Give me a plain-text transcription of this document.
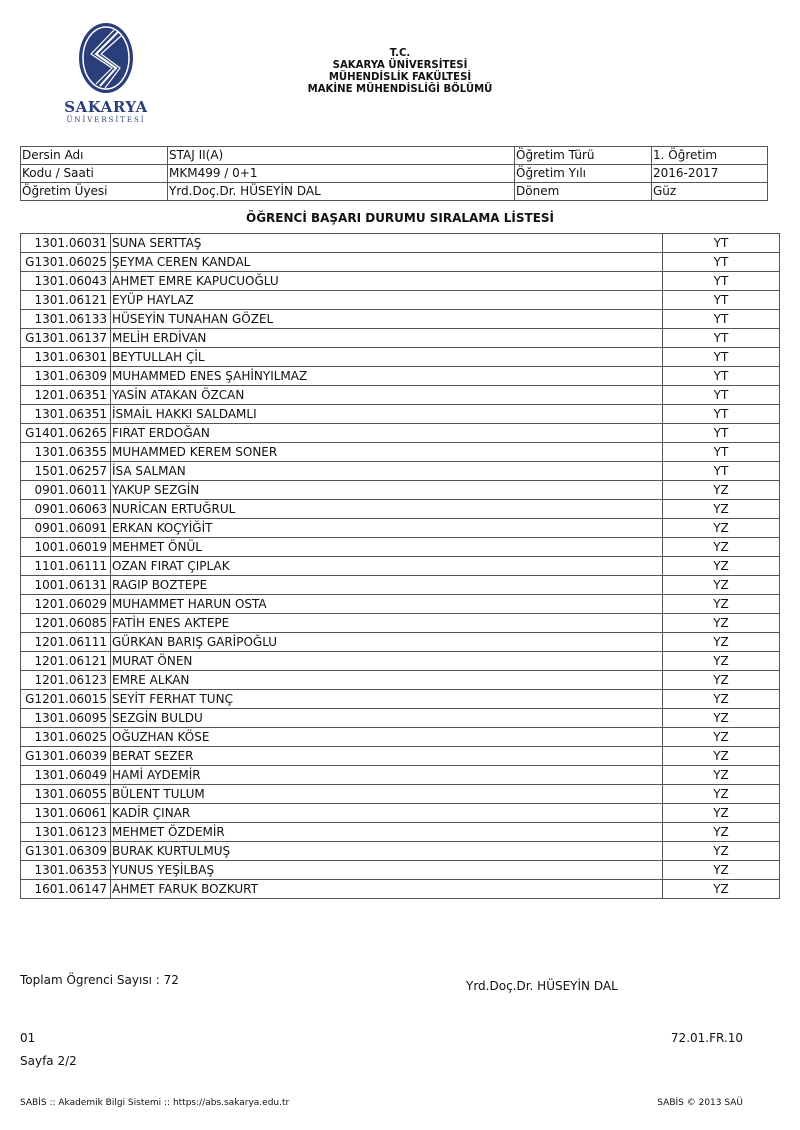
SAKARYA
ÜNİVERSİTESİ
T.C.
SAKARYA ÜNİVERSİTESİ
MÜHENDİSLİK FAKÜLTESİ
MAKİNE MÜHENDİSLİĞİ BÖLÜMÜ
Dersin Adı	STAJ II(A)	Öğretim Türü	1. Öğretim
Kodu / Saati	MKM499 / 0+1	Öğretim Yılı	2016-2017
Öğretim Üyesi	Yrd.Doç.Dr. HÜSEYİN DAL	Dönem	Güz
ÖĞRENCİ BAŞARI DURUMU SIRALAMA LİSTESİ
1301.06031	SUNA SERTTAŞ	YT
G1301.06025	ŞEYMA CEREN KANDAL	YT
1301.06043	AHMET EMRE KAPUCUOĞLU	YT
1301.06121	EYÜP HAYLAZ	YT
1301.06133	HÜSEYİN TUNAHAN GÖZEL	YT
G1301.06137	MELİH ERDİVAN	YT
1301.06301	BEYTULLAH ÇİL	YT
1301.06309	MUHAMMED ENES ŞAHİNYILMAZ	YT
1201.06351	YASİN ATAKAN ÖZCAN	YT
1301.06351	İSMAİL HAKKI SALDAMLI	YT
G1401.06265	FIRAT ERDOĞAN	YT
1301.06355	MUHAMMED KEREM SONER	YT
1501.06257	İSA SALMAN	YT
0901.06011	YAKUP SEZGİN	YZ
0901.06063	NURİCAN ERTUĞRUL	YZ
0901.06091	ERKAN KOÇYİĞİT	YZ
1001.06019	MEHMET ÖNÜL	YZ
1101.06111	OZAN FIRAT ÇIPLAK	YZ
1001.06131	RAGIP BOZTEPE	YZ
1201.06029	MUHAMMET HARUN OSTA	YZ
1201.06085	FATİH ENES AKTEPE	YZ
1201.06111	GÜRKAN BARIŞ GARİPOĞLU	YZ
1201.06121	MURAT ÖNEN	YZ
1201.06123	EMRE ALKAN	YZ
G1201.06015	SEYİT FERHAT TUNÇ	YZ
1301.06095	SEZGİN BULDU	YZ
1301.06025	OĞUZHAN KÖSE	YZ
G1301.06039	BERAT SEZER	YZ
1301.06049	HAMİ AYDEMİR	YZ
1301.06055	BÜLENT TULUM	YZ
1301.06061	KADİR ÇINAR	YZ
1301.06123	MEHMET ÖZDEMİR	YZ
G1301.06309	BURAK KURTULMUŞ	YZ
1301.06353	YUNUS YEŞİLBAŞ	YZ
1601.06147	AHMET FARUK BOZKURT	YZ
Toplam Ögrenci Sayısı : 72	Yrd.Doç.Dr. HÜSEYİN DAL
01	72.01.FR.10
Sayfa 2/2
SABİS :: Akademik Bilgi Sistemi :: https://abs.sakarya.edu.tr	SABİS © 2013 SAÜ
